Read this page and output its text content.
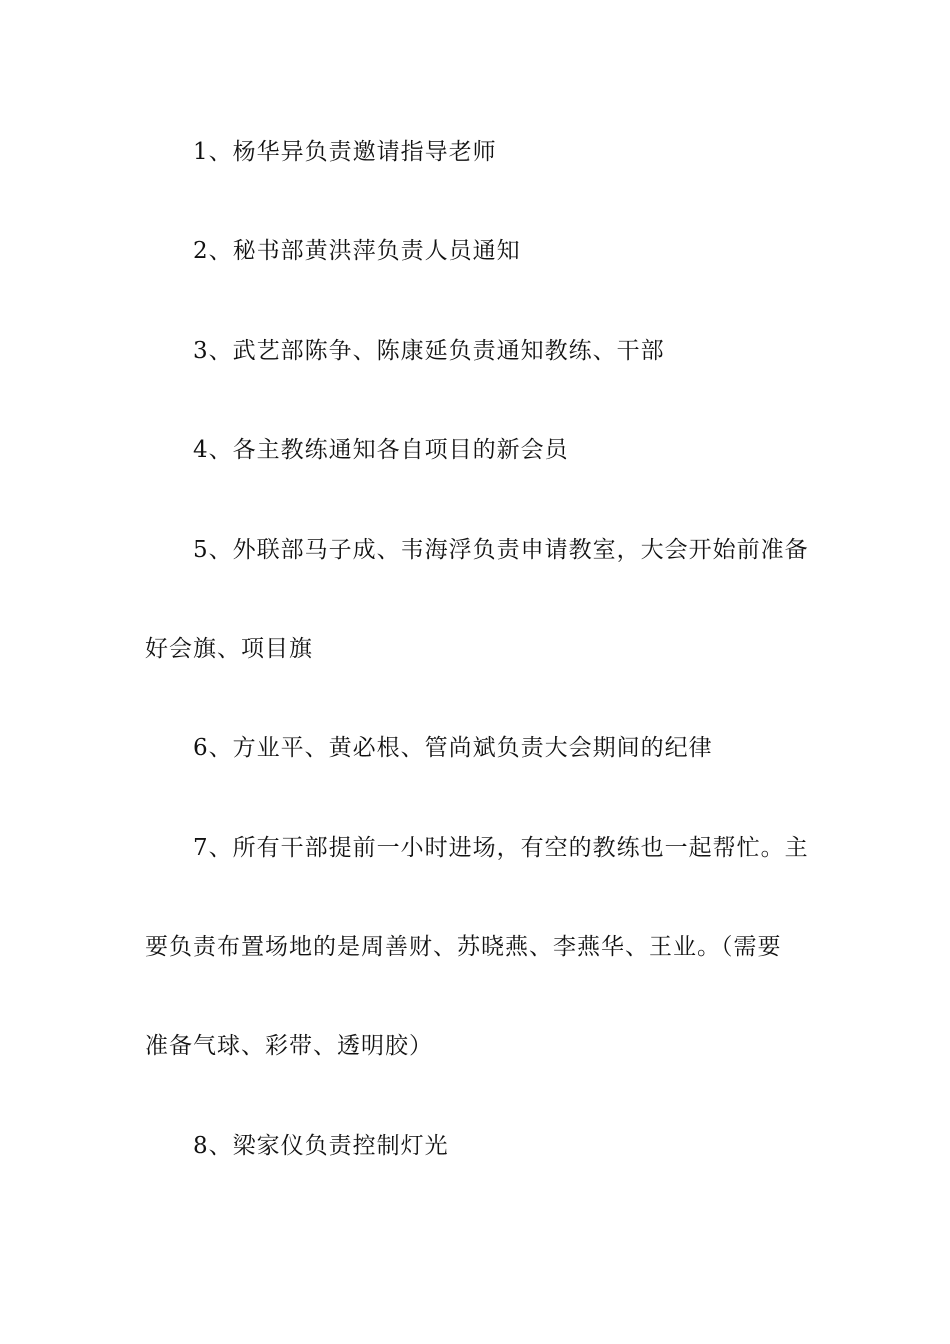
1、杨华异负责邀请指导老师
2、秘书部黄洪萍负责人员通知
3、武艺部陈争、陈康延负责通知教练、干部
4、各主教练通知各自项目的新会员
5、外联部马子成、韦海浮负责申请教室，大会开始前准备
好会旗、项目旗
6、方业平、黄必根、管尚斌负责大会期间的纪律
7、所有干部提前一小时进场，有空的教练也一起帮忙。主
要负责布置场地的是周善财、苏晓燕、李燕华、王业。（需要
准备气球、彩带、透明胶）
8、梁家仪负责控制灯光
